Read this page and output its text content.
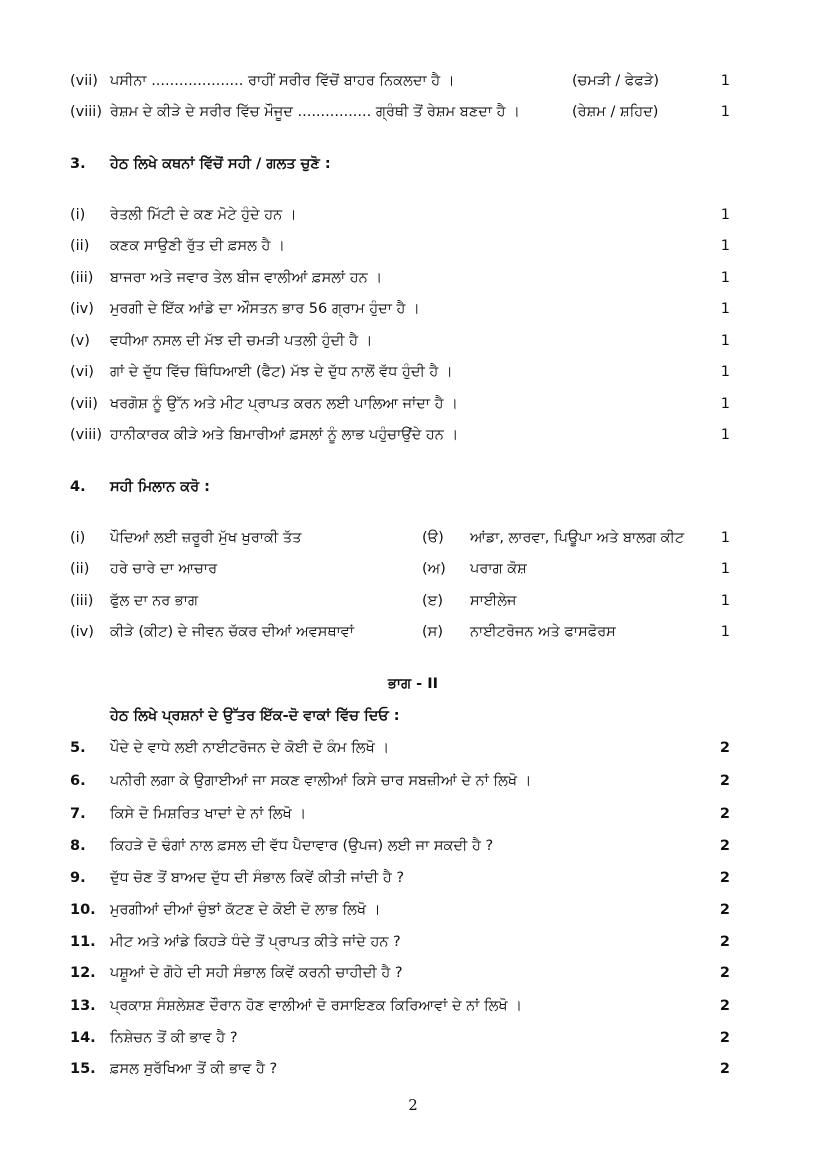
(vii) ਪਸੀਨਾ .................... ਰਾਹੀਂ ਸਰੀਰ ਵਿੱਚੋਂ ਬਾਹਰ ਨਿਕਲਦਾ ਹੈ ।	(ਚਮੜੀ / ਫੇਫੜੇ)	1
(viii) ਰੇਸ਼ਮ ਦੇ ਕੀੜੇ ਦੇ ਸਰੀਰ ਵਿੱਚ ਮੌਜੂਦ ................ ਗ੍ਰੰਥੀ ਤੋਂ ਰੇਸ਼ਮ ਬਣਦਾ ਹੈ ।	(ਰੇਸ਼ਮ / ਸ਼ਹਿਦ)	1
3. ਹੇਠ ਲਿਖੇ ਕਥਨਾਂ ਵਿੱਚੋਂ ਸਹੀ / ਗਲਤ ਚੁਣੋ :
(i) ਰੇਤਲੀ ਮਿੱਟੀ ਦੇ ਕਣ ਮੋਟੇ ਹੁੰਦੇ ਹਨ ।	1
(ii) ਕਣਕ ਸਾਉਣੀ ਰੁੱਤ ਦੀ ਫ਼ਸਲ ਹੈ ।	1
(iii) ਬਾਜਰਾ ਅਤੇ ਜਵਾਰ ਤੇਲ ਬੀਜ ਵਾਲੀਆਂ ਫ਼ਸਲਾਂ ਹਨ ।	1
(iv) ਮੁਰਗੀ ਦੇ ਇੱਕ ਆਂਡੇ ਦਾ ਔਸਤਨ ਭਾਰ 56 ਗ੍ਰਾਮ ਹੁੰਦਾ ਹੈ ।	1
(v) ਵਧੀਆ ਨਸਲ ਦੀ ਮੱਝ ਦੀ ਚਮੜੀ ਪਤਲੀ ਹੁੰਦੀ ਹੈ ।	1
(vi) ਗਾਂ ਦੇ ਦੁੱਧ ਵਿੱਚ ਥਿੰਧਿਆਈ (ਫੈਟ) ਮੱਝ ਦੇ ਦੁੱਧ ਨਾਲੋਂ ਵੱਧ ਹੁੰਦੀ ਹੈ ।	1
(vii) ਖਰਗੋਸ਼ ਨੂੰ ਉੱਨ ਅਤੇ ਮੀਟ ਪ੍ਰਾਪਤ ਕਰਨ ਲਈ ਪਾਲਿਆ ਜਾਂਦਾ ਹੈ ।	1
(viii) ਹਾਨੀਕਾਰਕ ਕੀੜੇ ਅਤੇ ਬਿਮਾਰੀਆਂ ਫ਼ਸਲਾਂ ਨੂੰ ਲਾਭ ਪਹੁੰਚਾਉਂਦੇ ਹਨ ।	1
4. ਸਹੀ ਮਿਲਾਨ ਕਰੋ :
(i) ਪੌਦਿਆਂ ਲਈ ਜ਼ਰੂਰੀ ਮੁੱਖ ਖੁਰਾਕੀ ਤੱਤ	(ੳ) ਆਂਡਾ, ਲਾਰਵਾ, ਪਿਊਪਾ ਅਤੇ ਬਾਲਗ ਕੀਟ	1
(ii) ਹਰੇ ਚਾਰੇ ਦਾ ਆਚਾਰ	(ਅ) ਪਰਾਗ ਕੋਸ਼	1
(iii) ਫੁੱਲ ਦਾ ਨਰ ਭਾਗ	(ੲ) ਸਾਈਲੇਜ	1
(iv) ਕੀੜੇ (ਕੀਟ) ਦੇ ਜੀਵਨ ਚੱਕਰ ਦੀਆਂ ਅਵਸਥਾਵਾਂ	(ਸ) ਨਾਈਟਰੋਜਨ ਅਤੇ ਫਾਸਫੋਰਸ	1
ਭਾਗ - II
ਹੇਠ ਲਿਖੇ ਪ੍ਰਸ਼ਨਾਂ ਦੇ ਉੱਤਰ ਇੱਕ-ਦੋ ਵਾਕਾਂ ਵਿੱਚ ਦਿਓ :
5. ਪੌਦੇ ਦੇ ਵਾਧੇ ਲਈ ਨਾਈਟਰੋਜਨ ਦੇ ਕੋਈ ਦੋ ਕੰਮ ਲਿਖੋ ।	2
6. ਪਨੀਰੀ ਲਗਾ ਕੇ ਉਗਾਈਆਂ ਜਾ ਸਕਣ ਵਾਲੀਆਂ ਕਿਸੇ ਚਾਰ ਸਬਜ਼ੀਆਂ ਦੇ ਨਾਂ ਲਿਖੋ ।	2
7. ਕਿਸੇ ਦੋ ਮਿਸ਼ਰਿਤ ਖਾਦਾਂ ਦੇ ਨਾਂ ਲਿਖੋ ।	2
8. ਕਿਹੜੇ ਦੋ ਢੰਗਾਂ ਨਾਲ ਫ਼ਸਲ ਦੀ ਵੱਧ ਪੈਦਾਵਾਰ (ਉਪਜ) ਲਈ ਜਾ ਸਕਦੀ ਹੈ ?	2
9. ਦੁੱਧ ਚੋਣ ਤੋਂ ਬਾਅਦ ਦੁੱਧ ਦੀ ਸੰਭਾਲ ਕਿਵੇਂ ਕੀਤੀ ਜਾਂਦੀ ਹੈ ?	2
10. ਮੁਰਗੀਆਂ ਦੀਆਂ ਚੁੰਝਾਂ ਕੱਟਣ ਦੇ ਕੋਈ ਦੋ ਲਾਭ ਲਿਖੋ ।	2
11. ਮੀਟ ਅਤੇ ਆਂਡੇ ਕਿਹੜੇ ਧੰਦੇ ਤੋਂ ਪ੍ਰਾਪਤ ਕੀਤੇ ਜਾਂਦੇ ਹਨ ?	2
12. ਪਸ਼ੂਆਂ ਦੇ ਗੋਹੇ ਦੀ ਸਹੀ ਸੰਭਾਲ ਕਿਵੇਂ ਕਰਨੀ ਚਾਹੀਦੀ ਹੈ ?	2
13. ਪ੍ਰਕਾਸ਼ ਸੰਸ਼ਲੇਸ਼ਣ ਦੌਰਾਨ ਹੋਣ ਵਾਲੀਆਂ ਦੋ ਰਸਾਇਣਕ ਕਿਰਿਆਵਾਂ ਦੇ ਨਾਂ ਲਿਖੋ ।	2
14. ਨਿਸ਼ੇਚਨ ਤੋਂ ਕੀ ਭਾਵ ਹੈ ?	2
15. ਫ਼ਸਲ ਸੁਰੱਖਿਆ ਤੋਂ ਕੀ ਭਾਵ ਹੈ ?	2
2
